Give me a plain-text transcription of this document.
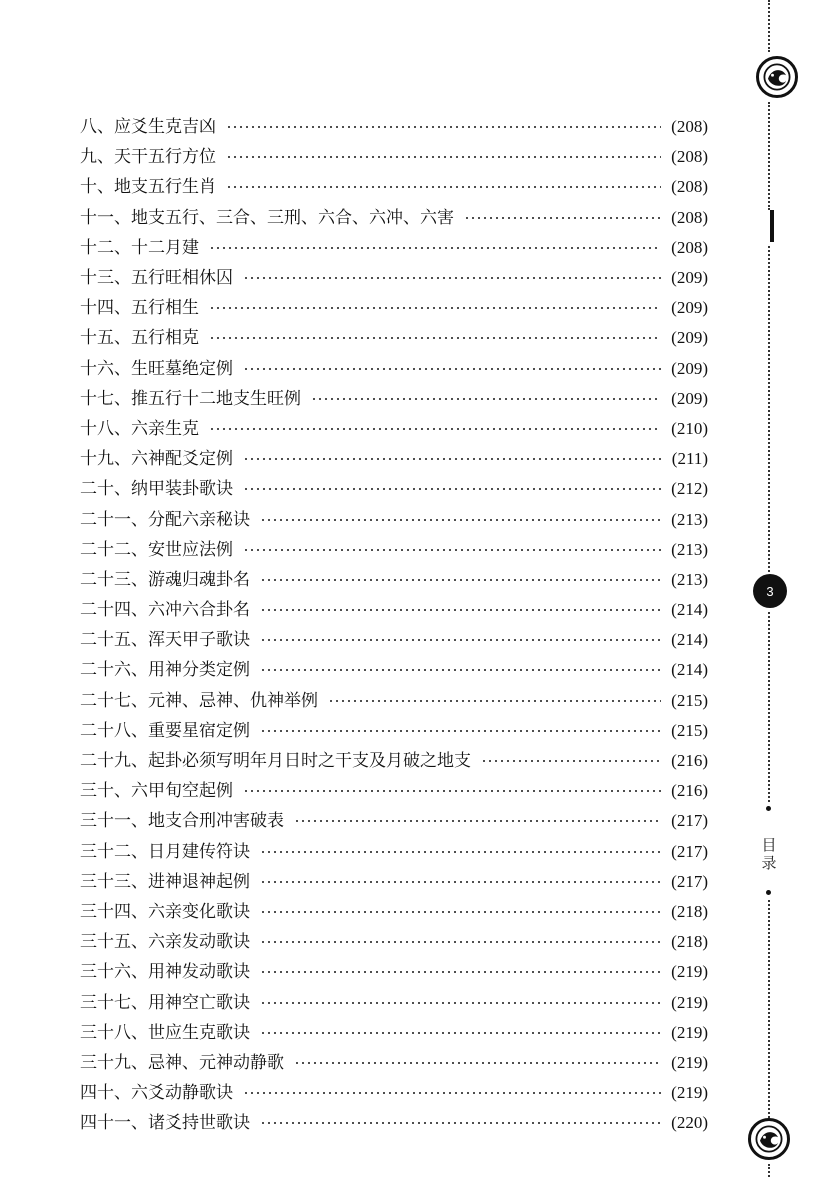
3
目
录
八、应爻生克吉凶	(208)
九、天干五行方位	(208)
十、地支五行生肖	(208)
十一、地支五行、三合、三刑、六合、六冲、六害	(208)
十二、十二月建	(208)
十三、五行旺相休囚	(209)
十四、五行相生	(209)
十五、五行相克	(209)
十六、生旺墓绝定例	(209)
十七、推五行十二地支生旺例	(209)
十八、六亲生克	(210)
十九、六神配爻定例	(211)
二十、纳甲装卦歌诀	(212)
二十一、分配六亲秘诀	(213)
二十二、安世应法例	(213)
二十三、游魂归魂卦名	(213)
二十四、六冲六合卦名	(214)
二十五、浑天甲子歌诀	(214)
二十六、用神分类定例	(214)
二十七、元神、忌神、仇神举例	(215)
二十八、重要星宿定例	(215)
二十九、起卦必须写明年月日时之干支及月破之地支	(216)
三十、六甲旬空起例	(216)
三十一、地支合刑冲害破表	(217)
三十二、日月建传符诀	(217)
三十三、进神退神起例	(217)
三十四、六亲变化歌诀	(218)
三十五、六亲发动歌诀	(218)
三十六、用神发动歌诀	(219)
三十七、用神空亡歌诀	(219)
三十八、世应生克歌诀	(219)
三十九、忌神、元神动静歌	(219)
四十、六爻动静歌诀	(219)
四十一、诸爻持世歌诀	(220)
